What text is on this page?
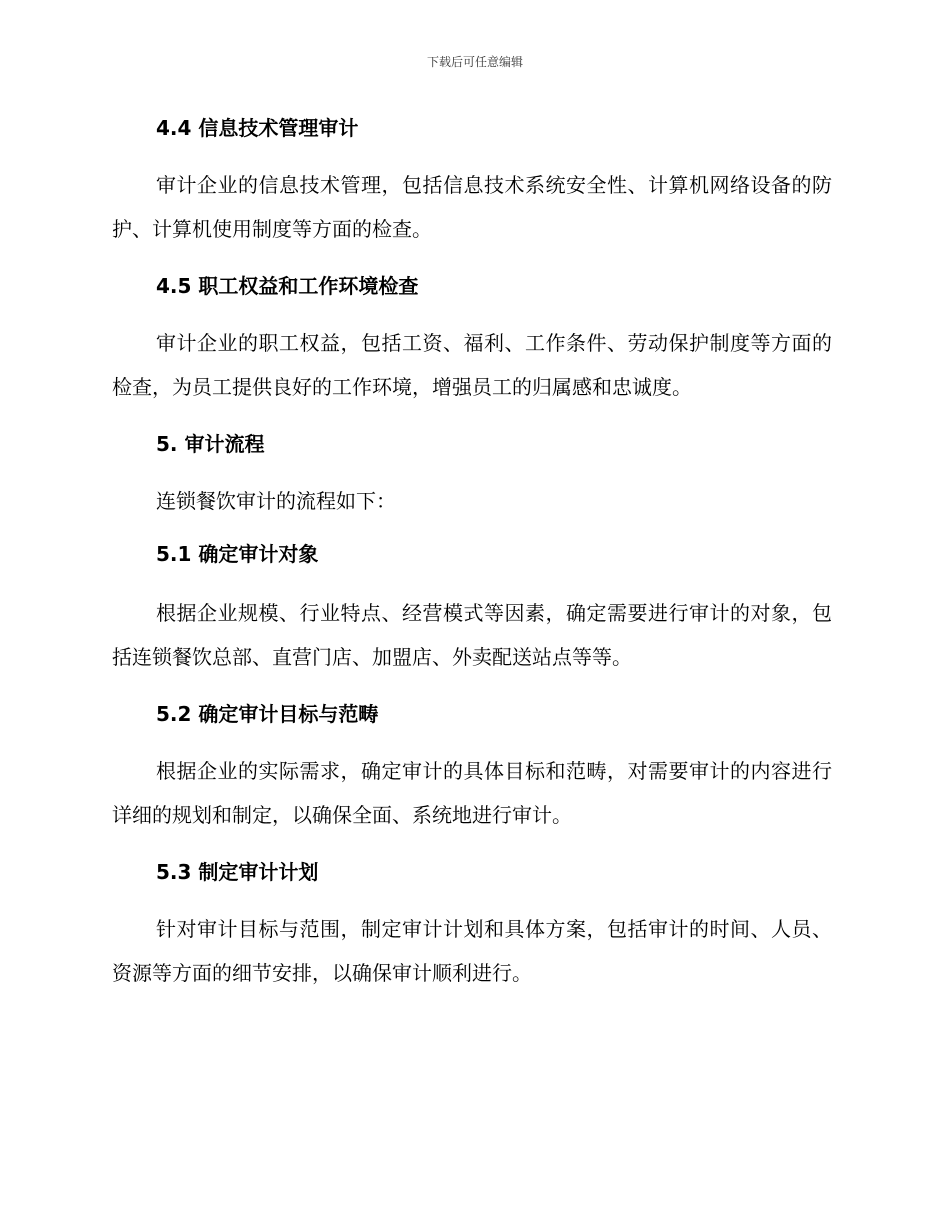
下载后可任意编辑
4.4 信息技术管理审计

审计企业的信息技术管理，包括信息技术系统安全性、计算机网络设备的防护、计算机使用制度等方面的检查。

4.5 职工权益和工作环境检查

审计企业的职工权益，包括工资、福利、工作条件、劳动保护制度等方面的检查，为员工提供良好的工作环境，增强员工的归属感和忠诚度。

5. 审计流程

连锁餐饮审计的流程如下：

5.1 确定审计对象

根据企业规模、行业特点、经营模式等因素，确定需要进行审计的对象，包括连锁餐饮总部、直营门店、加盟店、外卖配送站点等等。

5.2 确定审计目标与范畴

根据企业的实际需求，确定审计的具体目标和范畴，对需要审计的内容进行详细的规划和制定，以确保全面、系统地进行审计。

5.3 制定审计计划

针对审计目标与范围，制定审计计划和具体方案，包括审计的时间、人员、资源等方面的细节安排，以确保审计顺利进行。
